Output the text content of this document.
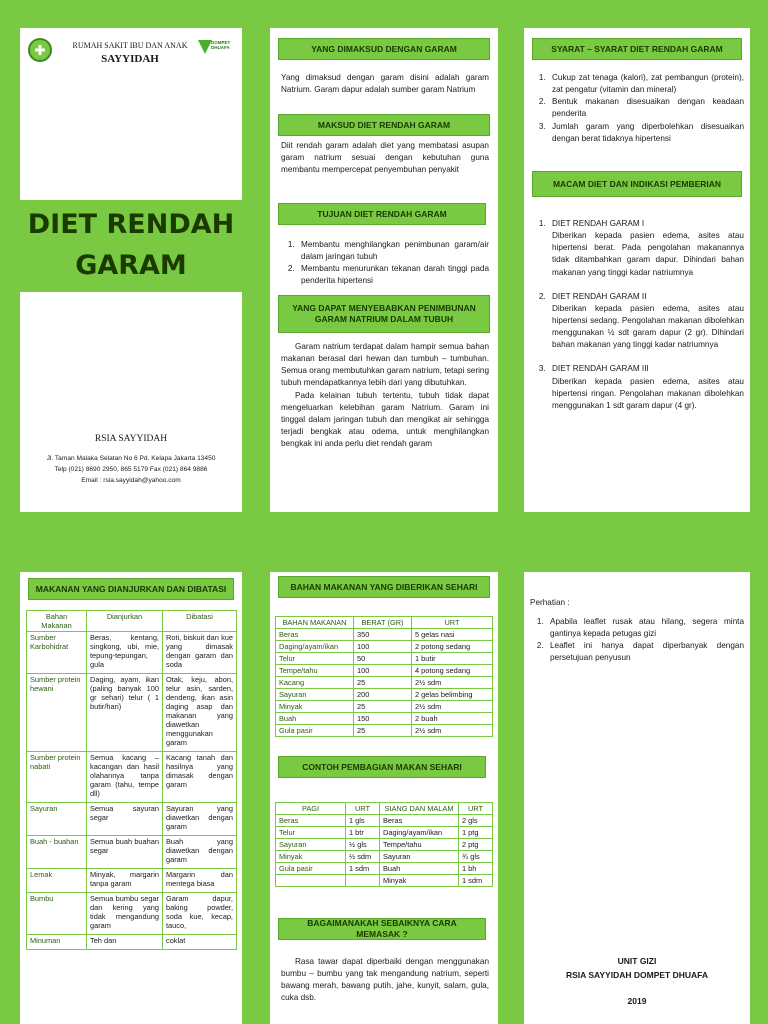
RUMAH SAKIT IBU DAN ANAK
SAYYIDAH
DOMPET DHUAFA
DIET RENDAH
GARAM
RSIA SAYYIDAH
Jl. Taman Malaka Selatan No 6 Pd. Kelapa Jakarta 13450
Telp (021) 8690 2950, 865 5179 Fax (021) 864 9886
Email : rsia.sayyidah@yahoo.com
YANG DIMAKSUD DENGAN GARAM
Yang dimaksud dengan garam disini adalah garam Natrium. Garam dapur adalah sumber garam Natrium
MAKSUD DIET RENDAH GARAM
Diit rendah garam adalah diet yang membatasi asupan garam natrium sesuai dengan kebutuhan guna membantu mempercepat penyembuhan penyakit
TUJUAN DIET RENDAH GARAM
1. Membantu menghilangkan penimbunan garam/air dalam jaringan tubuh
2. Membantu menurunkan tekanan darah tinggi pada penderita hipertensi
YANG DAPAT MENYEBABKAN PENIMBUNAN GARAM NATRIUM DALAM TUBUH

Garam natrium terdapat dalam hampir semua bahan makanan berasal dari hewan dan tumbuh – tumbuhan. Semua orang membutuhkan garam natrium, tetapi sering tubuh mendapatkannya lebih dari yang dibutuhkan.

Pada kelainan tubuh tertentu, tubuh tidak dapat mengeluarkan kelebihan garam Natrium. Garam ini tinggal dalam jaringan tubuh dan mengikat air sehingga terjadi bengkak atau odema, untuk menghilangkan bengkak ini anda perlu diet rendah garam

SYARAT – SYARAT DIET RENDAH GARAM
1. Cukup zat tenaga (kalori), zat pembangun (protein), zat pengatur (vitamin dan mineral)
2. Bentuk makanan disesuaikan dengan keadaan penderita
3. Jumlah garam yang diperbolehkan disesuaikan dengan berat tidaknya hipertensi
MACAM DIET DAN INDIKASI PEMBERIAN
1. DIET RENDAH GARAM I
Diberikan kepada pasien edema, asites atau hipertensi berat. Pada pengolahan makanannya tidak ditambahkan garam dapur. Dihindari bahan makanan yang tinggi kadar natriumnya
2. DIET RENDAH GARAM II
Diberikan kepada pasien edema, asites atau hipertensi sedang. Pengolahan makanan dibolehkan menggunakan ½ sdt garam dapur (2 gr). Dihindari bahan makanan yang tinggi kadar natriumnya
3. DIET RENDAH GARAM III
Diberikan kepada pasien edema, asites atau hipertensi ringan. Pengolahan makanan dibolehkan menggunakan 1 sdt garam dapur (4 gr).
MAKANAN YANG DIANJURKAN DAN DIBATASI
Bahan Makanan	Dianjurkan	Dibatasi
Sumber Karbohidrat	Beras, kentang, singkong, ubi, mie, tepung-tepungan, gula	Roti, biskuit dan kue yang dimasak dengan garam dan soda
Sumber protein hewani	Daging, ayam, ikan (paling banyak 100 gr sehari) telur ( 1 butir/hari)	Otak, keju, abon, telur asin, sarden, dendeng, ikan asin daging asap dan makanan yang diawetkan menggunakan garam
Sumber protein nabati	Semua kacang – kacangan dan hasil olahannya tanpa garam (tahu, tempe dll)	Kacang tanah dan hasilnya yang dimasak dengan garam
Sayuran	Semua sayuran segar	Sayuran yang diawetkan dengan garam
Buah - buahan	Semua buah buahan segar	Buah yang diawetkan dengan garam
Lemak	Minyak, margarin tanpa garam	Margarin dan mentega biasa
Bumbu	Semua bumbu segar dan kering yang tidak mengandung garam	Garam dapur, baking powder, soda kue, kecap, tauco,
Minuman	Teh dan	coklat
BAHAN MAKANAN YANG DIBERIKAN SEHARI
BAHAN MAKANAN	BERAT (GR)	URT
Beras	350	5 gelas nasi
Daging/ayam/ikan	100	2 potong sedang
Telur	50	1 butir
Tempe/tahu	100	4 potong sedang
Kacang	25	2½ sdm
Sayuran	200	2 gelas belimbing
Minyak	25	2½ sdm
Buah	150	2 buah
Gula pasir	25	2½ sdm
CONTOH PEMBAGIAN MAKAN SEHARI
PAGI	URT	SIANG DAN MALAM	URT
Beras	1 gls	Beras	2 gls
Telur	1 btr	Daging/ayam/ikan	1 ptg
Sayuran	½ gls	Tempe/tahu	2 ptg
Minyak	½ sdm	Sayuran	¾ gls
Gula pasir	1 sdm	Buah	1 bh
		Minyak	1 sdm
BAGAIMANAKAH SEBAIKNYA CARA MEMASAK ?
Rasa tawar dapat diperbaiki dengan menggunakan bumbu – bumbu yang tak mengandung natrium, seperti bawang merah, bawang putih, jahe, kunyit, salam, gula, cuka dsb.
Perhatian :
1. Apabila leaflet rusak atau hilang, segera minta gantinya kepada petugas gizi
2. Leaflet ini hanya dapat diperbanyak dengan persetujuan penyusun
UNIT GIZI
RSIA SAYYIDAH DOMPET DHUAFA
2019
